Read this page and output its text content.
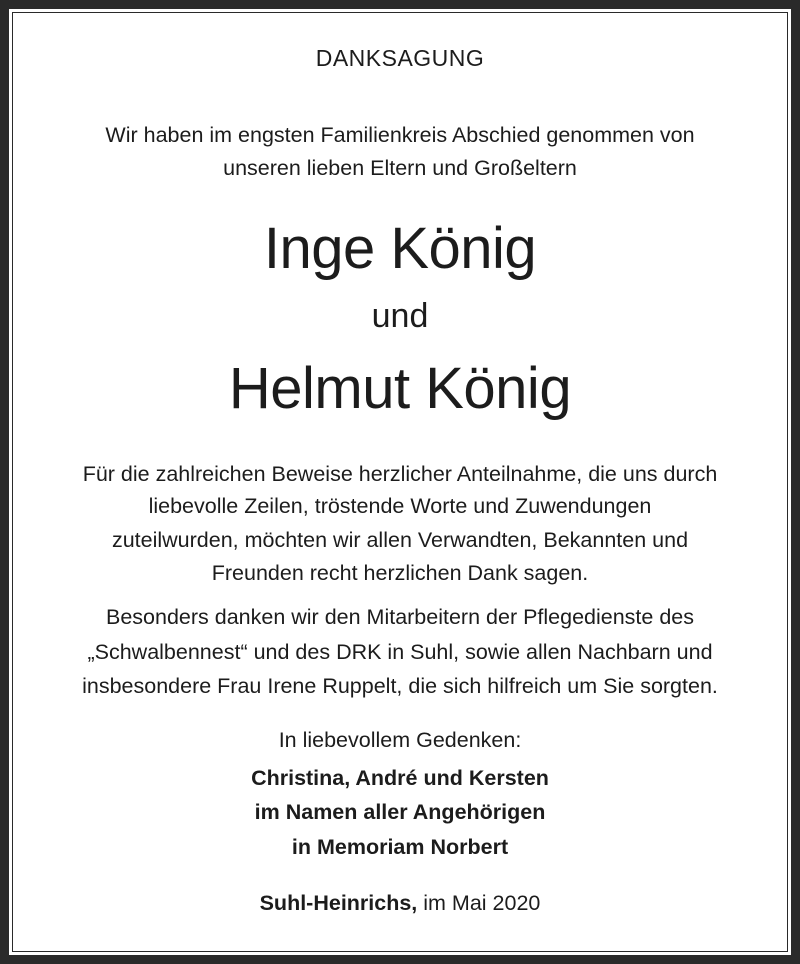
DANKSAGUNG
Wir haben im engsten Familienkreis Abschied genommen von
unseren lieben Eltern und Großeltern
Inge König
und
Helmut König
Für die zahlreichen Beweise herzlicher Anteilnahme, die uns durch
liebevolle Zeilen, tröstende Worte und Zuwendungen
zuteilwurden, möchten wir allen Verwandten, Bekannten und
Freunden recht herzlichen Dank sagen.
Besonders danken wir den Mitarbeitern der Pflegedienste des
„Schwalbennest“ und des DRK in Suhl, sowie allen Nachbarn und
insbesondere Frau Irene Ruppelt, die sich hilfreich um Sie sorgten.
In liebevollem Gedenken:
Christina, André und Kersten
im Namen aller Angehörigen
in Memoriam Norbert
Suhl-Heinrichs, im Mai 2020
